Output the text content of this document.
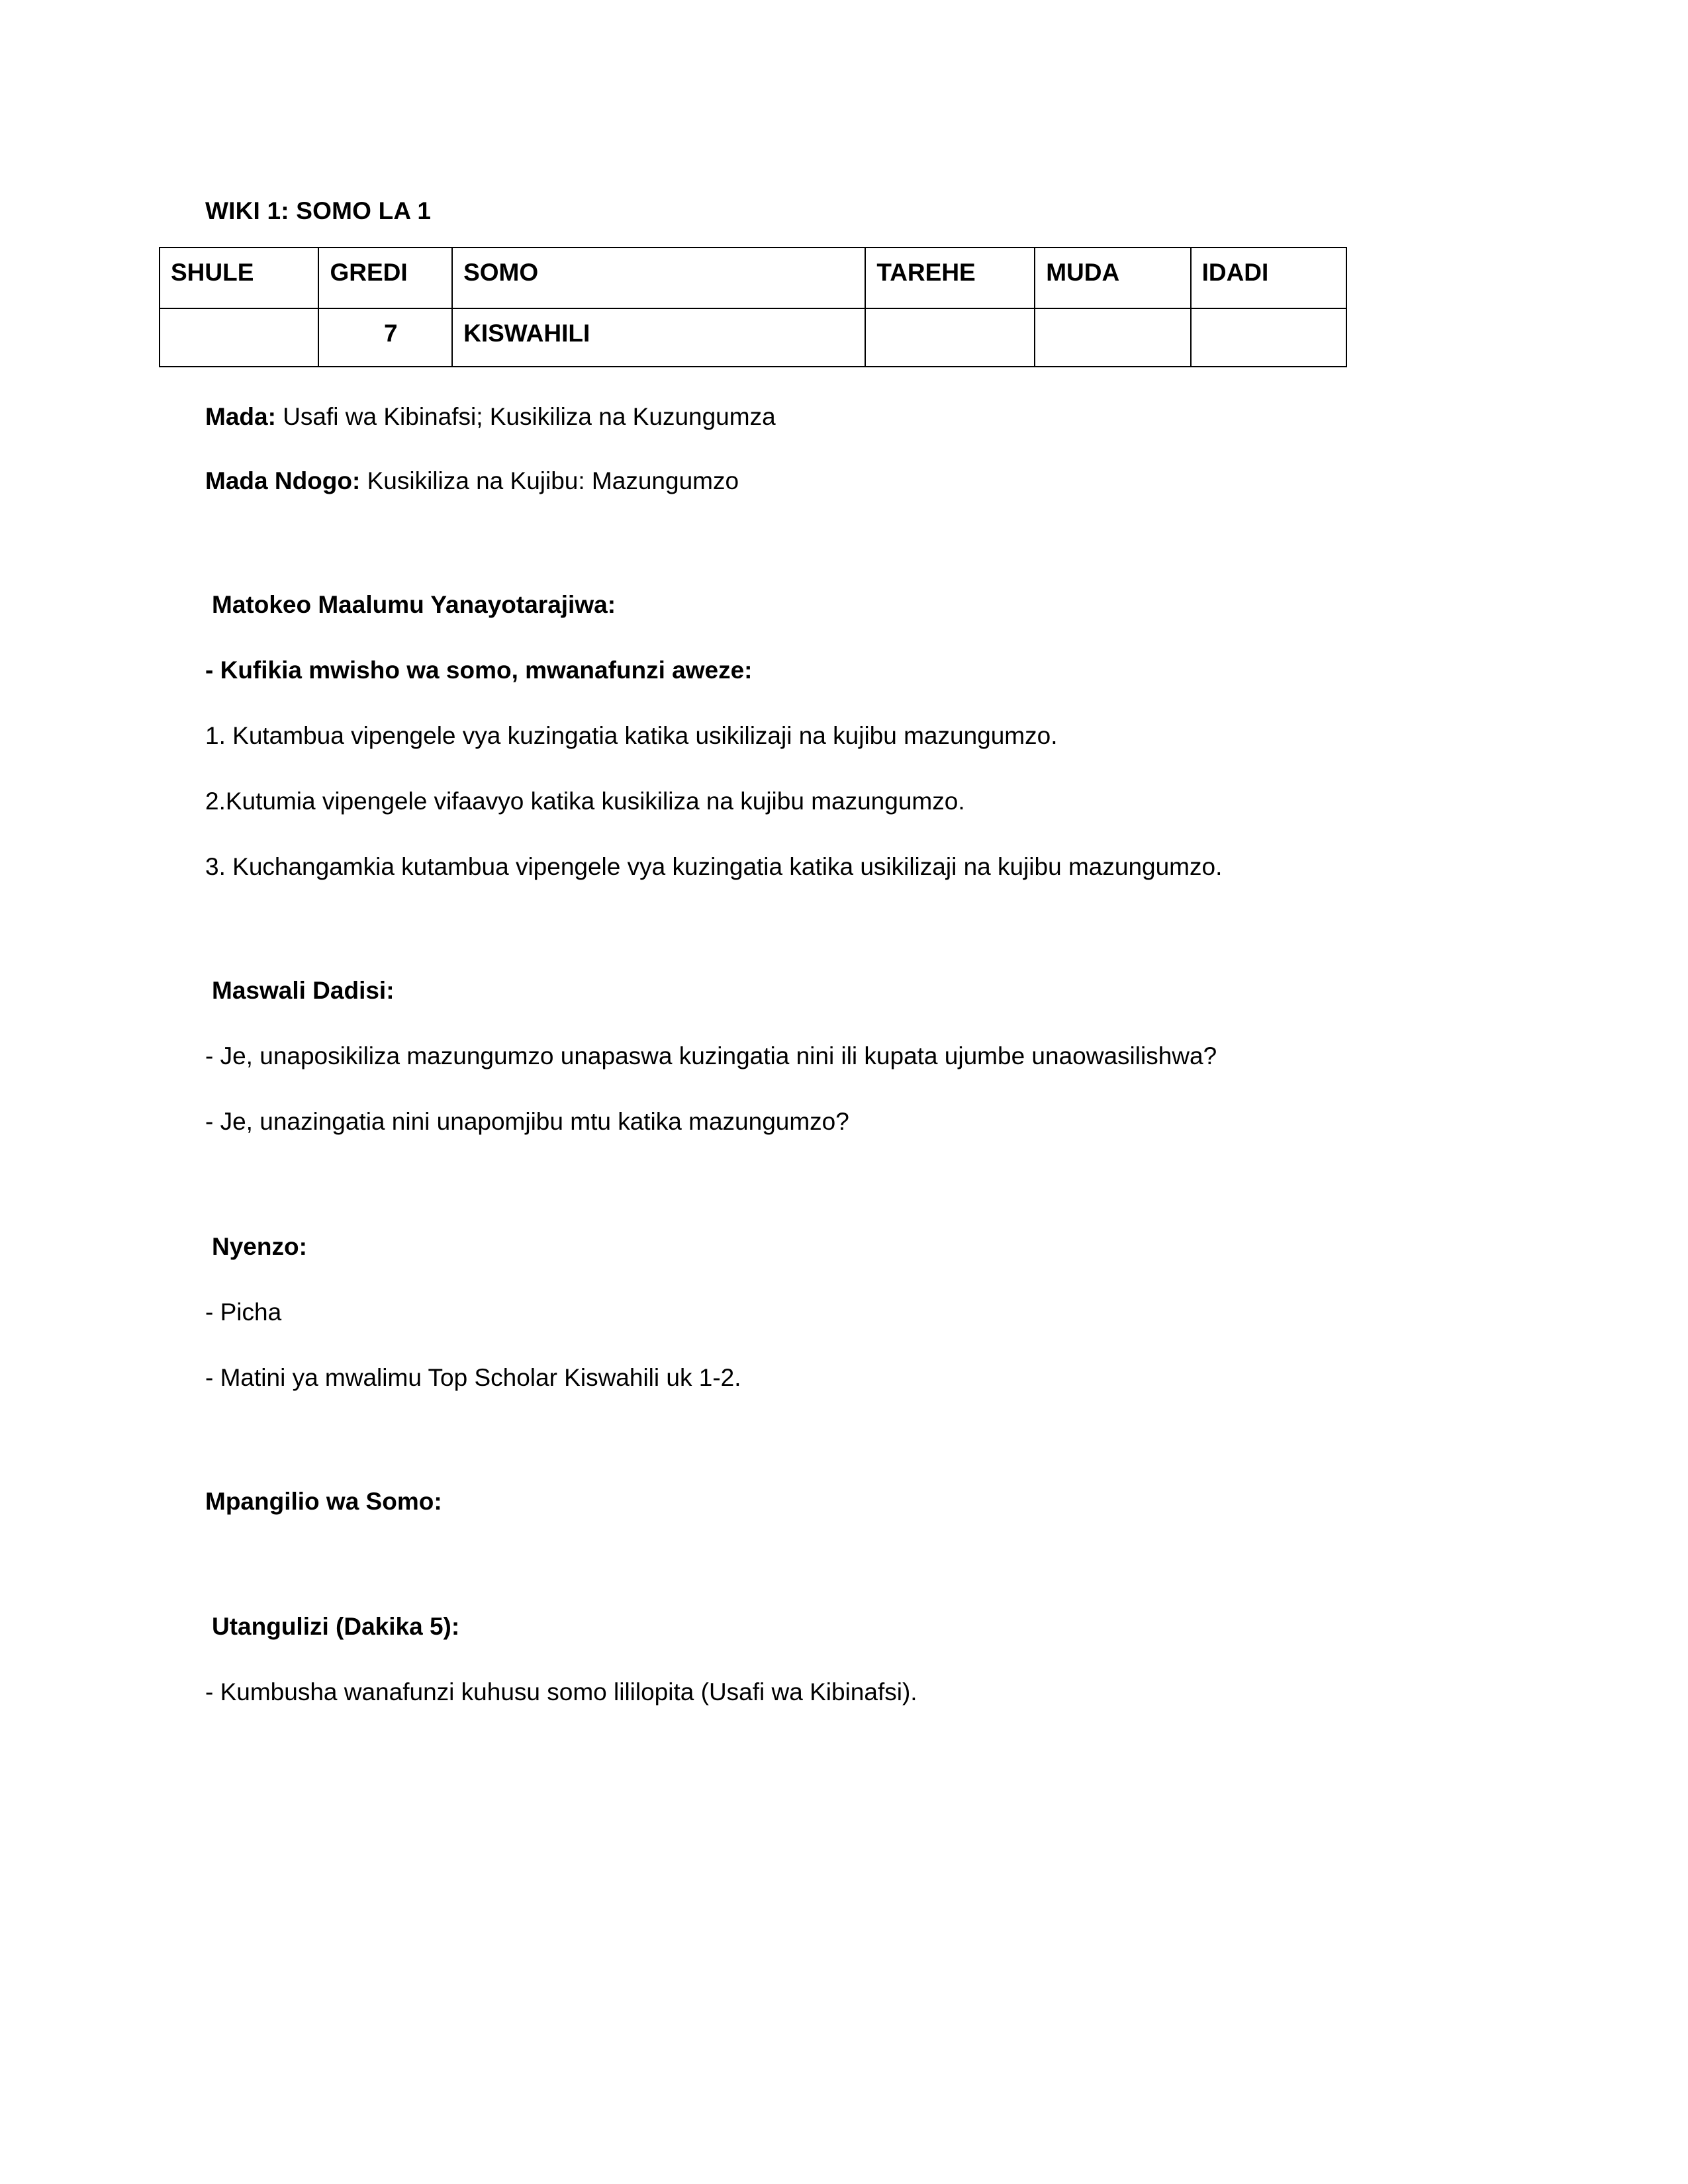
WIKI 1: SOMO LA 1
SHULE	GREDI	SOMO	TAREHE	MUDA	IDADI
	7	KISWAHILI			

Mada: Usafi wa Kibinafsi; Kusikiliza na Kuzungumza

Mada Ndogo: Kusikiliza na Kujibu: Mazungumzo

Matokeo Maalumu Yanayotarajiwa:

- Kufikia mwisho wa somo, mwanafunzi aweze:

1. Kutambua vipengele vya kuzingatia katika usikilizaji na kujibu mazungumzo.

2.Kutumia vipengele vifaavyo katika kusikiliza na kujibu mazungumzo.

3. Kuchangamkia kutambua vipengele vya kuzingatia katika usikilizaji na kujibu mazungumzo.

Maswali Dadisi:

- Je, unaposikiliza mazungumzo unapaswa kuzingatia nini ili kupata ujumbe unaowasilishwa?

- Je, unazingatia nini unapomjibu mtu katika mazungumzo?

Nyenzo:

- Picha

- Matini ya mwalimu Top Scholar Kiswahili uk 1-2.

Mpangilio wa Somo:

Utangulizi (Dakika 5):

- Kumbusha wanafunzi kuhusu somo lililopita (Usafi wa Kibinafsi).
